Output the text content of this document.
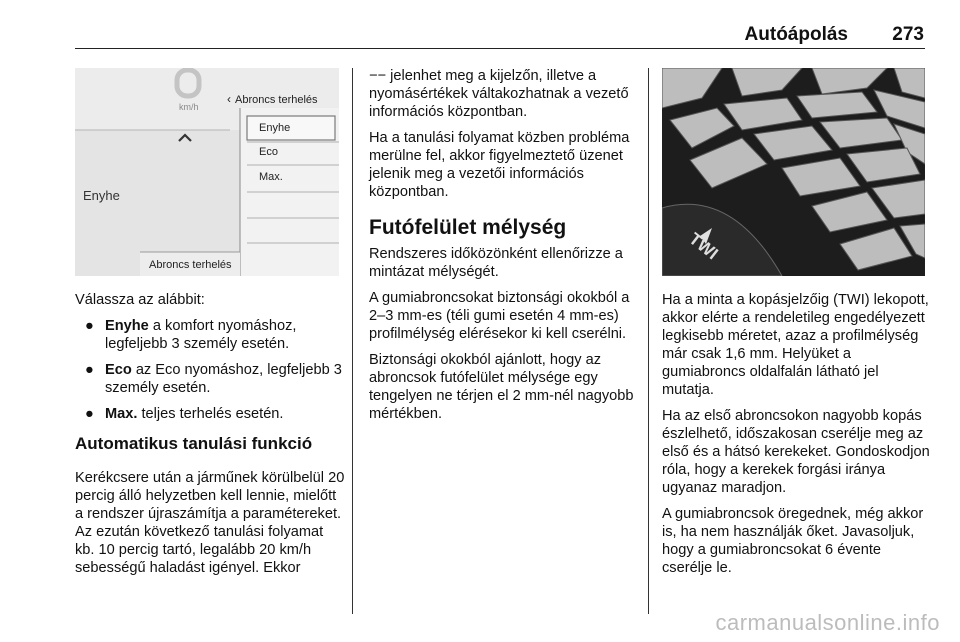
Autóápolás 273
km/h
‹ Abroncs terhelés
Enyhe
Enyhe
Eco
Max.
Abroncs terhelés

Válassza az alábbit:

● Enyhe a komfort nyomáshoz, legfeljebb 3 személy esetén.
● Eco az Eco nyomáshoz, legfeljebb 3 személy esetén.
● Max. teljes terhelés esetén.
Automatikus tanulási funkció

Kerékcsere után a járműnek körülbelül 20 percig álló helyzetben kell lennie, mielőtt a rendszer újraszámítja a paramétereket. Az ezután következő tanulási folyamat kb. 10 percig tartó, legalább 20 km/h sebességű haladást igényel. Ekkor

−− jelenhet meg a kijelzőn, illetve a nyomásértékek váltakozhatnak a vezető információs központban.

Ha a tanulási folyamat közben probléma merülne fel, akkor figyelmeztető üzenet jelenik meg a vezetői információs központban.

Futófelület mélység

Rendszeres időközönként ellenőrizze a mintázat mélységét.

A gumiabroncsokat biztonsági okokból a 2–3 mm-es (téli gumi esetén 4 mm-es) profilmélység elérésekor ki kell cserélni.

Biztonsági okokból ajánlott, hogy az abroncsok futófelület mélysége egy tengelyen ne térjen el 2 mm-nél nagyobb mértékben.

TWI

Ha a minta a kopásjelzőig (TWI) lekopott, akkor elérte a rendeletileg engedélyezett legkisebb méretet, azaz a profilmélység már csak 1,6 mm. Helyüket a gumiabroncs oldalfalán látható jel mutatja.

Ha az első abroncsokon nagyobb kopás észlelhető, időszakosan cserélje meg az első és a hátsó kerekeket. Gondoskodjon róla, hogy a kerekek forgási iránya ugyanaz maradjon.

A gumiabroncsok öregednek, még akkor is, ha nem használják őket. Javasoljuk, hogy a gumiabroncsokat 6 évente cserélje le.

carmanualsonline.info
